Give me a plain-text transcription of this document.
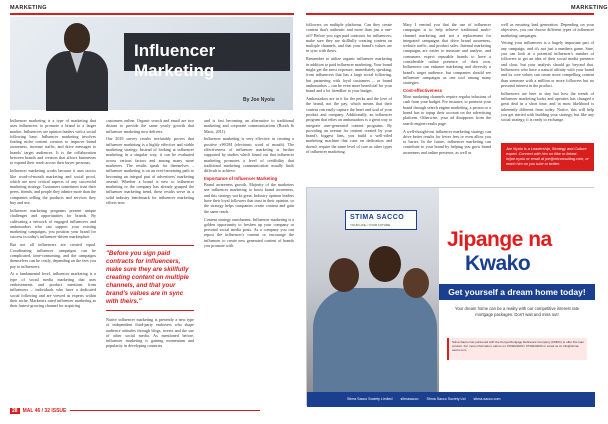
MARKETING	MARKETING
Influencer Marketing
By Joe Nyoiu

Influencer marketing is a type of marketing that uses influencers to promote a brand to a larger market. Influencers are opinion leaders with a social following base. Influencer marketing involves finding niche content creators to improve brand awareness, increase traffic, and drive messages to brands' target audiences. It is the collaboration between brands and creators that allows businesses to expand their reach across their buyer personas.

Influencer marketing works because it uses tactics like word-of-mouth marketing and social proof, which are now critical aspects of any successful marketing strategy. Customers sometimes trust their peers, friends, and people they admire more than the companies selling the products and services they buy and use.

Influencer marketing programs present unique challenges and opportunities for brands. By cultivating a network of engaged influencers and ambassadors who can support your existing marketing campaigns, you position your brand for success in today's influencer-driven marketplace.

But not all influencers are created equal. Coordinating influencer campaigns can be complicated, time-consuming, and the campaigns themselves can be costly, depending on the fees you pay to influencers.

At a fundamental level, influencer marketing is a type of social media marketing that uses endorsements and product mentions from influencers – individuals who have a dedicated social following and are viewed as experts within their niche. Marketers rated influencer marketing as their fastest-growing channel for acquiring

customers online. Organic search and email are two distant to provide the same yearly growth that influencer marketing now delivers.

Our 2019 survey results irrefutably proves that influencer marketing is a highly effective and viable marketing strategy. Instead of looking at influencer marketing in a singular way, it can be evaluated across various factors and among many more marketers. The results speak for themselves – influencer marketing is on an ever-increasing path to becoming an integral part of advertisers' marketing arsenal. Whether a brand is new to influencer marketing or the company has already grasped the influencer marketing trend, these results serve as a solid industry benchmark for influencer marketing efforts now.

"Before you sign paid contracts for influencers, make sure they are skillfully creating content on multiple channels, and that your brand's values are in sync with theirs."

Native influencer marketing is presently a new type of independent third-party endorsers who shape audience attitudes through blogs, tweets and the use of other social media. As mentioned before, influencer marketing is gaining momentum and popularity in developing countries

and is fast becoming an alternative to traditional marketing and corporate communications (Booth & Matic, 2011).

Influencer marketing is very effective in creating a positive eWOM (electronic word of mouth). The effectiveness of influencer marketing is further supported by studies which found out that influencer marketing promotes a level of credibility that traditional marketing communication usually finds difficult to achieve.

Importance of Influencer Marketing

Brand awareness growth. Majority of the marketers use influencer marketing to boost brand awareness, and this strategy works great. Industry opinion leaders have their loyal followers that trust in their opinion, so the strategy helps companies create content and gain the same reach.

Content strategy enrichment. Influencer marketing is a golden opportunity to freshen up your company or personal social media posts. As a company you can repost the influencer's content or encourage the influencer to create new generated content of brands you promote with.

followers on multiple platforms. Can they create content that's authentic and more than just a one-off? Before you sign paid contracts for influencers, make sure they are skillfully creating content on multiple channels, and that your brand's values are in sync with theirs.

Remember to utilize organic influencer marketing in addition to paid influencer marketing. Your brand might get the most exposure, immediately speaking, from influencers that has a large social following, but partnering with loyal customers – or brand ambassadors – can be even more beneficial for your brand and a lot friendlier to your budget.

Ambassadors are in it for the perks and the love of the brand, not the pay, which means that their content can easily capture the heart and soul of your product and company. Additionally, an influencer program that relies on ambassadors is a great way to integrate user-generated content programs. By providing an avenue for content created by your brand's biggest fans, you build a well-oiled marketing machine that runs on dedication and doesn't require the same level of care as other types of influencer marketing.

Mary I remind you that the use of influencer campaigns is to help achieve traditional multi-channel marketing and not a replacement for integrated campaigns that drive brand awareness, website traffic, and product sales. Internal marketing campaigns are easier to measure and analyse, and consumers expect reputable brands to have a considerable online presence of their own. Influencers can enhance marketing and diversify a brand's target audience, but companies should see influencer campaigns as one tool among many strategies.

Cost-effectiveness

Most marketing channels require regular infusions of cash from your budget. For instance, to promote your brand through search engine marketing, a person or a brand has to topup their account on the advertising platform. Otherwise, your ad disappears from the search engine results page.

A well-thought-out influencer marketing strategy can drive better results for fewer fees or even allow you to barter. In the future, influencer marketing can contribute to your brand by helping you grow brand awareness and online presence, as well as

well as ensuring lead generation. Depending on your objectives, you can choose different types of influencer marketing campaigns.

Vetting your influencers is a hugely important part of any campaign, and it's not just a numbers game. Sure, you can look at a potential influencer's number of followers to get an idea of their social media presence and clout, but your analysis should go beyond that. Influencers who have a natural affinity with your brand and its core values can create more compelling content than someone with a million or more followers but no personal interest in the product.

Influencers are here to stay but how the trends of influencer marketing looks and operates has changed a great deal in a short time, and in most likelihood is inherently different from today. Notice, this will help you get started with building your strategy, but like any social strategy, it is ready to exchange.

Joe Nyoiu is a Leadership, Strategy and Culture expert. Connect with him on Ilike or linked-in/joe.nyoiu or email at joe@mlconsulting.com, or reach him on you tube or twitter.
STIMA SACCO
YOUR LIFE • YOUR FUTURE
Jipange na
Kwako
Get yourself a dream home today!
Your dream home can be a reality with our competitive interest rate mortgage packages. Don't wait and miss out!
Stima Sacco has partnered with the Kenya Mortgage Refinance Company (KMRC) to offer this loan product. For more information, call us on 0703024000 / 0730424000 or email us on info@stima-sacco.com
Stima Sacco Society Limited stimasacco Stima Sacco Society Ltd stima-sacco.com
28 MAL 46 / 32 ISSUE
